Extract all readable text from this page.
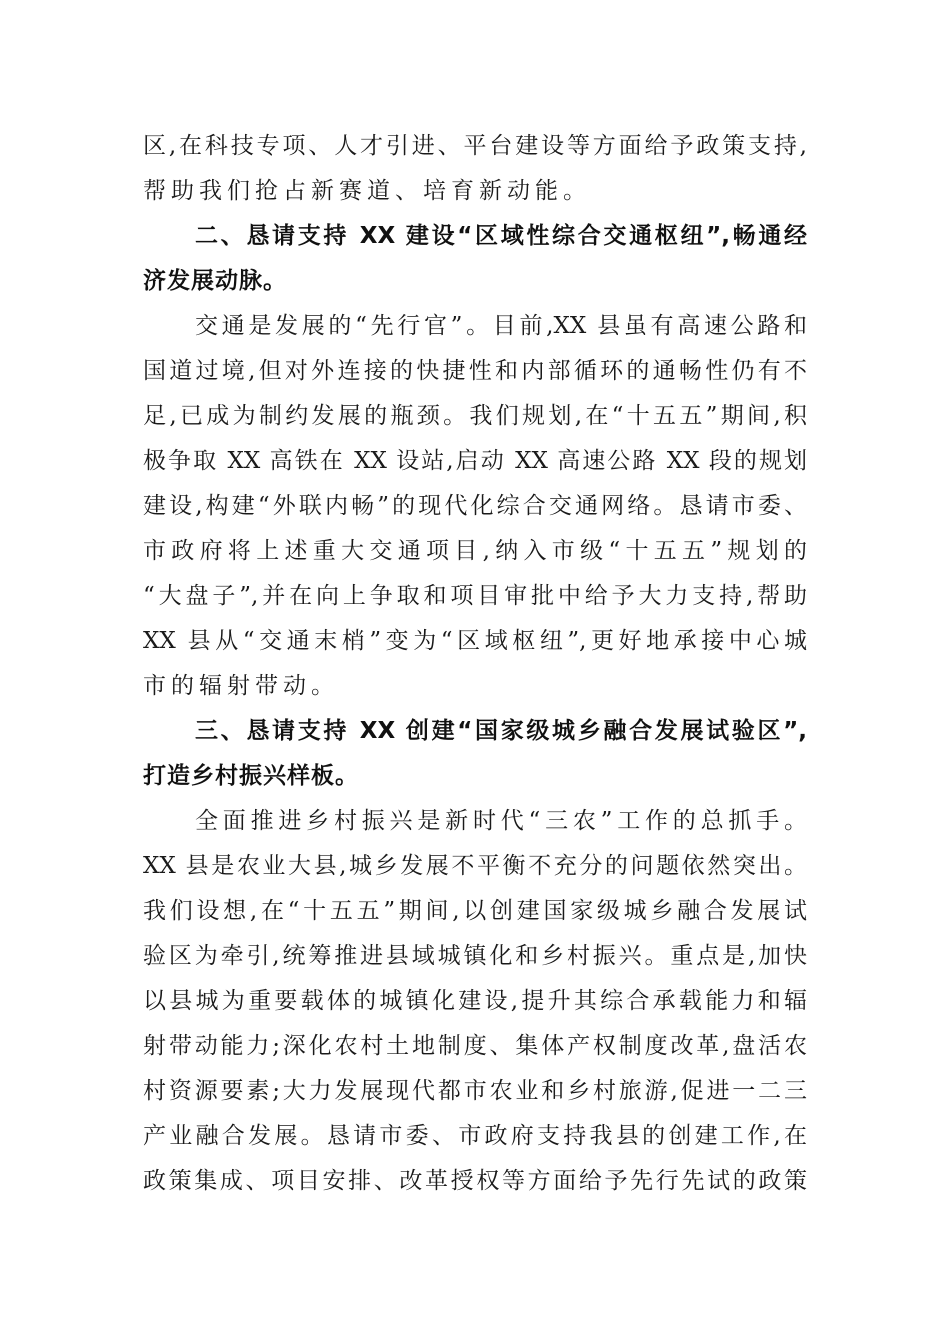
区,在科技专项、人才引进、平台建设等方面给予政策支持,
帮助我们抢占新赛道、培育新动能。
二、恳请支持 XX 建设“区域性综合交通枢纽”,畅通经
济发展动脉。
交通是发展的“先行官”。目前,XX 县虽有高速公路和
国道过境,但对外连接的快捷性和内部循环的通畅性仍有不
足,已成为制约发展的瓶颈。我们规划,在“十五五”期间,积
极争取 XX 高铁在 XX 设站,启动 XX 高速公路 XX 段的规划
建设,构建“外联内畅”的现代化综合交通网络。恳请市委、
市政府将上述重大交通项目,纳入市级“十五五”规划的
“大盘子”,并在向上争取和项目审批中给予大力支持,帮助
XX 县从“交通末梢”变为“区域枢纽”,更好地承接中心城
市的辐射带动。
三、恳请支持 XX 创建“国家级城乡融合发展试验区”,
打造乡村振兴样板。
全面推进乡村振兴是新时代“三农”工作的总抓手。
XX 县是农业大县,城乡发展不平衡不充分的问题依然突出。
我们设想,在“十五五”期间,以创建国家级城乡融合发展试
验区为牵引,统筹推进县域城镇化和乡村振兴。重点是,加快
以县城为重要载体的城镇化建设,提升其综合承载能力和辐
射带动能力;深化农村土地制度、集体产权制度改革,盘活农
村资源要素;大力发展现代都市农业和乡村旅游,促进一二三
产业融合发展。恳请市委、市政府支持我县的创建工作,在
政策集成、项目安排、改革授权等方面给予先行先试的政策
